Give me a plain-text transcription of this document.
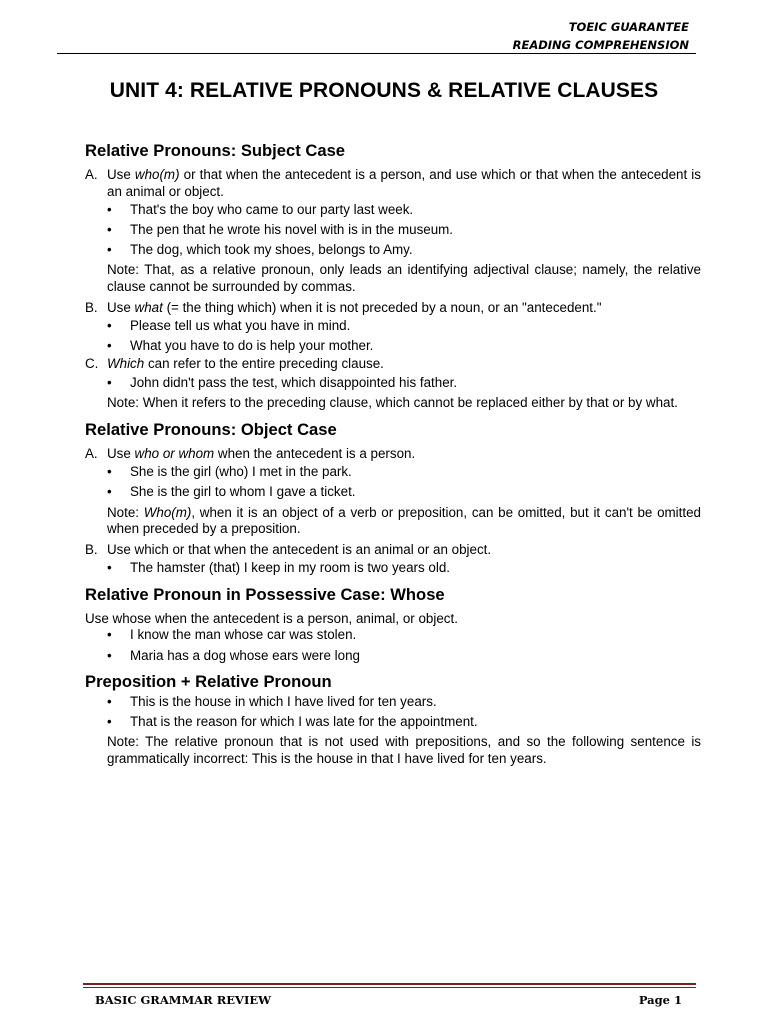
TOEIC GUARANTEE
READING COMPREHENSION
UNIT 4: RELATIVE PRONOUNS & RELATIVE CLAUSES
Relative Pronouns: Subject Case
A. Use who(m) or that when the antecedent is a person, and use which or that when the antecedent is an animal or object.

• That's the boy who came to our party last week.
• The pen that he wrote his novel with is in the museum.
• The dog, which took my shoes, belongs to Amy.

Note: That, as a relative pronoun, only leads an identifying adjectival clause; namely, the relative clause cannot be surrounded by commas.

B. Use what (= the thing which) when it is not preceded by a noun, or an "antecedent."

• Please tell us what you have in mind.
• What you have to do is help your mother.
C. Which can refer to the entire preceding clause.

• John didn't pass the test, which disappointed his father.

Note: When it refers to the preceding clause, which cannot be replaced either by that or by what.

Relative Pronouns: Object Case
A. Use who or whom when the antecedent is a person.

• She is the girl (who) I met in the park.
• She is the girl to whom I gave a ticket.

Note: Who(m), when it is an object of a verb or preposition, can be omitted, but it can't be omitted when preceded by a preposition.

B. Use which or that when the antecedent is an animal or an object.

• The hamster (that) I keep in my room is two years old.
Relative Pronoun in Possessive Case: Whose

Use whose when the antecedent is a person, animal, or object.

• I know the man whose car was stolen.
• Maria has a dog whose ears were long
Preposition + Relative Pronoun
• This is the house in which I have lived for ten years.
• That is the reason for which I was late for the appointment.

Note: The relative pronoun that is not used with prepositions, and so the following sentence is grammatically incorrect: This is the house in that I have lived for ten years.

BASIC GRAMMAR REVIEW	Page 1
